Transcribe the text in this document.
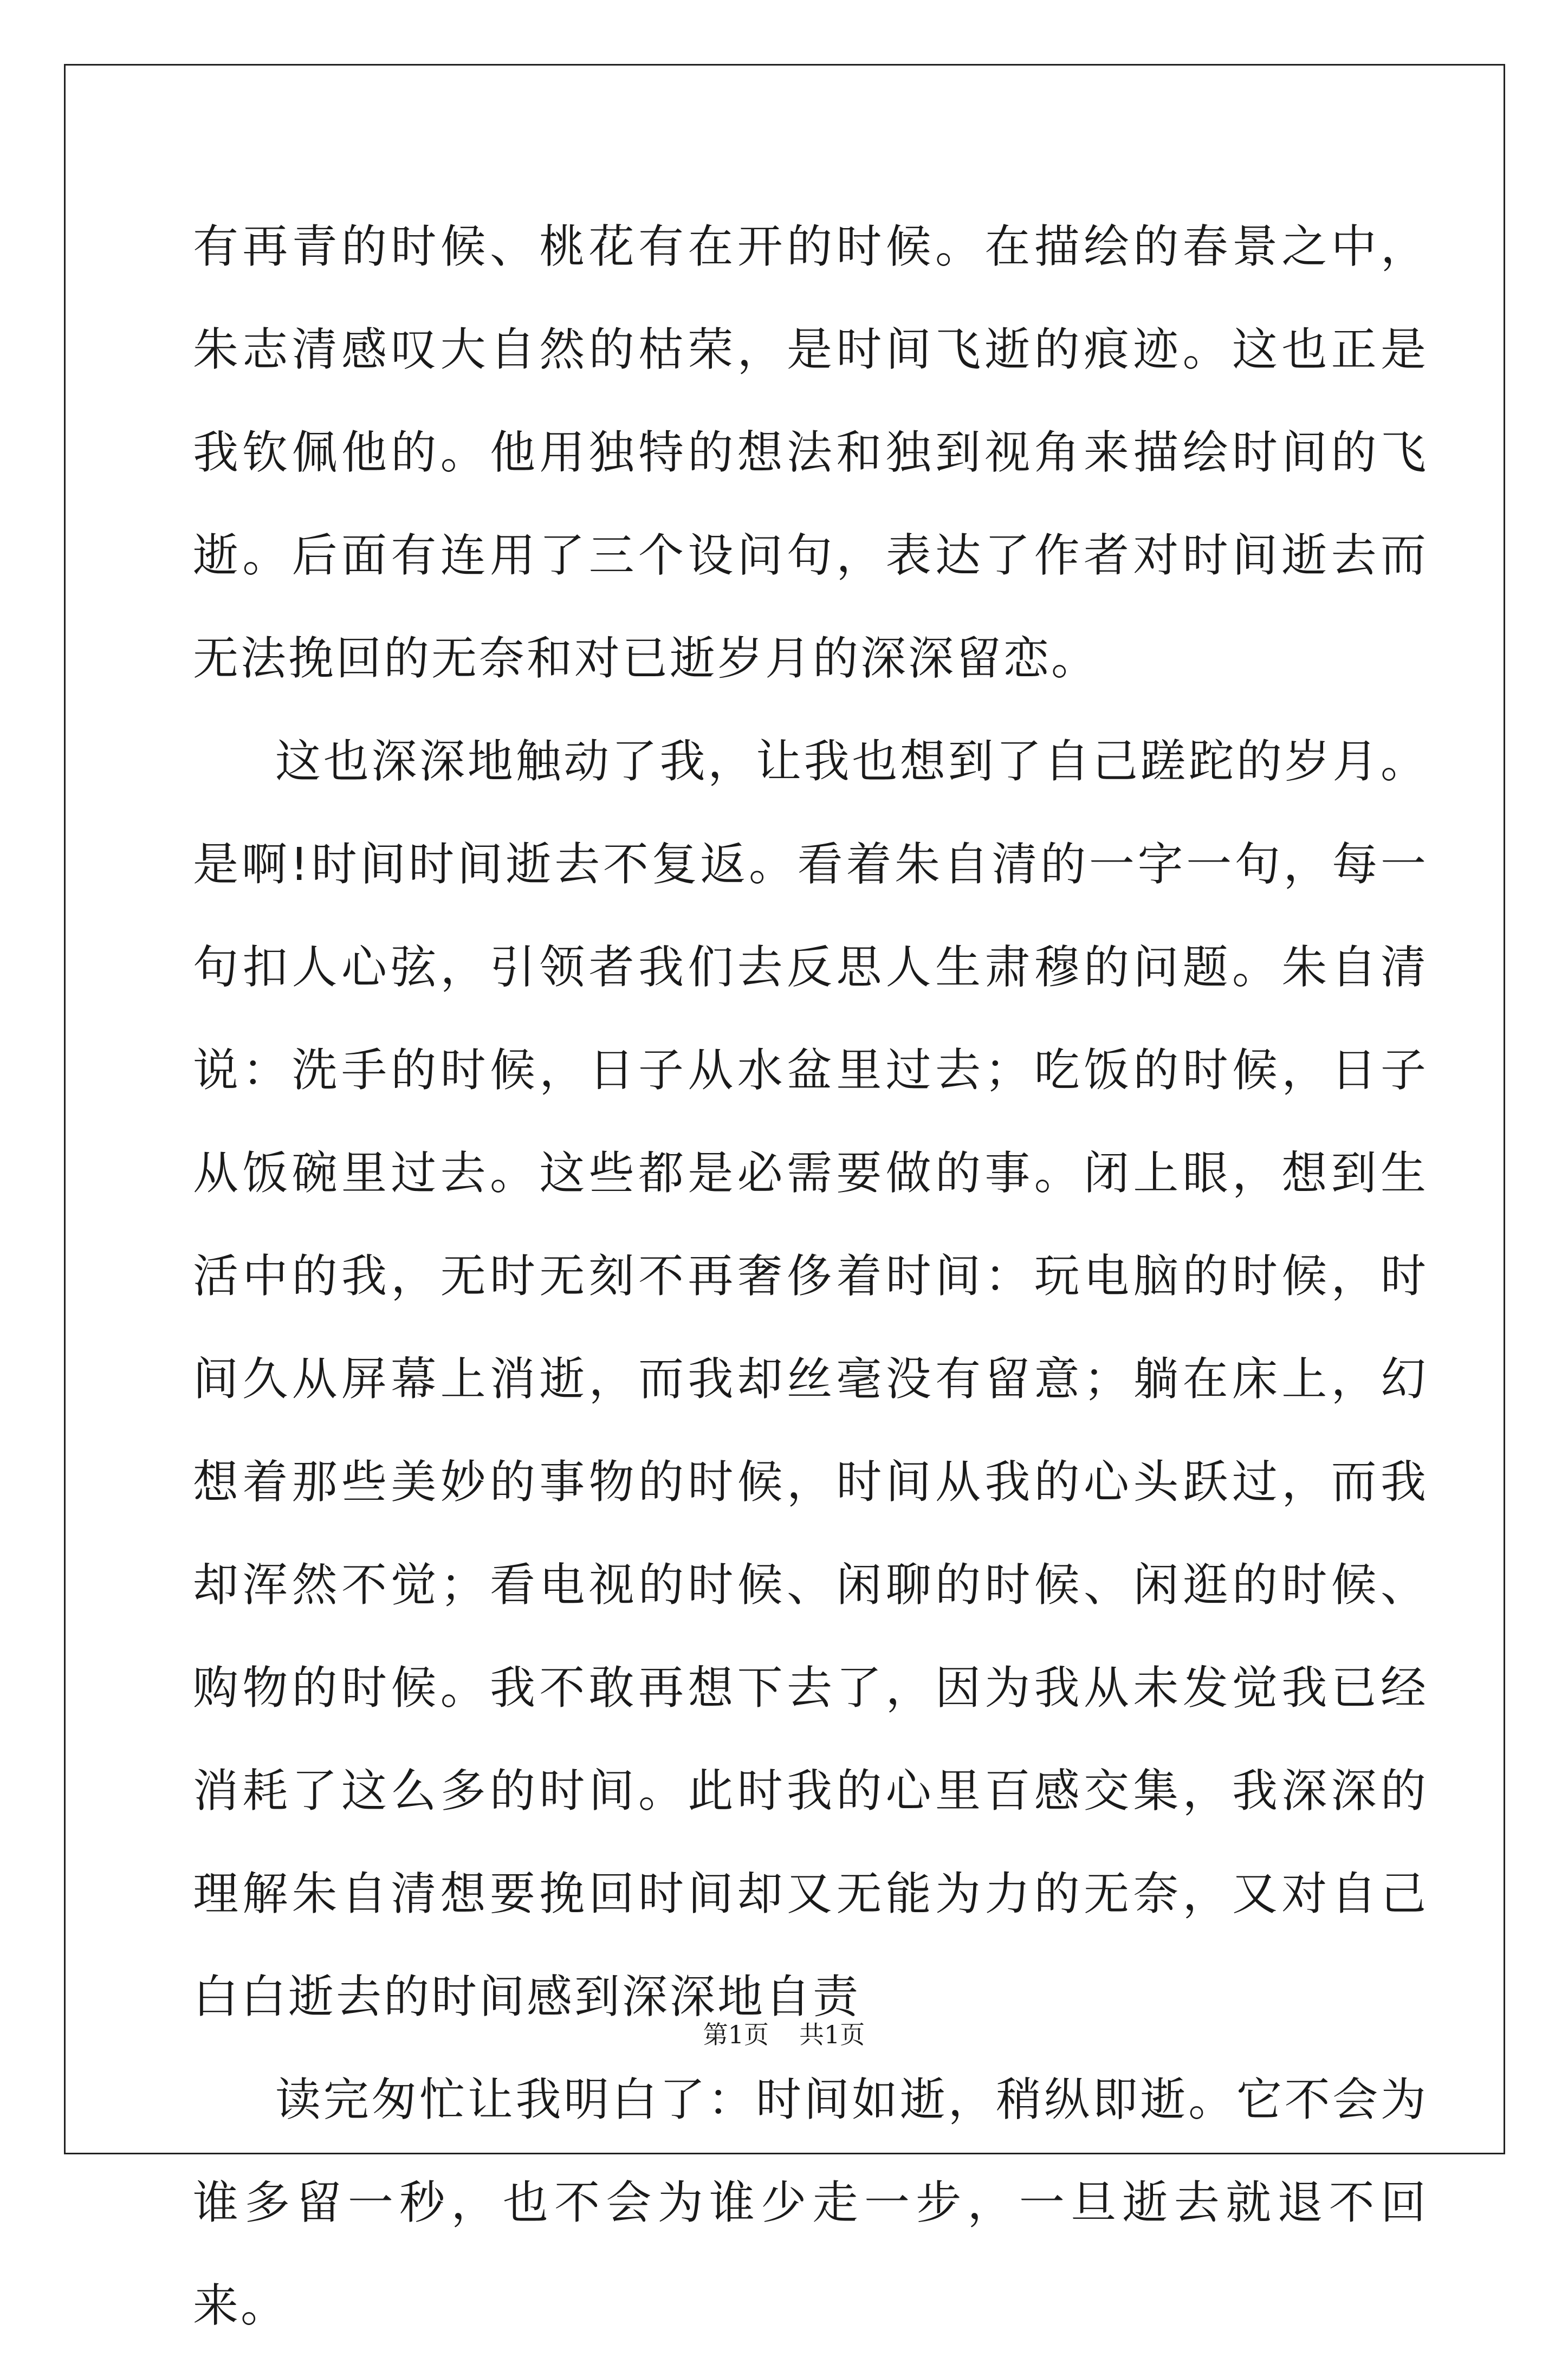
有再青的时候、桃花有在开的时候。在描绘的春景之中，朱志清感叹大自然的枯荣，是时间飞逝的痕迹。这也正是我钦佩他的。他用独特的想法和独到视角来描绘时间的飞逝。后面有连用了三个设问句，表达了作者对时间逝去而无法挽回的无奈和对已逝岁月的深深留恋。

这也深深地触动了我，让我也想到了自己蹉跎的岁月。是啊!时间时间逝去不复返。看着朱自清的一字一句，每一句扣人心弦，引领者我们去反思人生肃穆的问题。朱自清说：洗手的时候，日子从水盆里过去；吃饭的时候，日子从饭碗里过去。这些都是必需要做的事。闭上眼，想到生活中的我，无时无刻不再奢侈着时间：玩电脑的时候，时间久从屏幕上消逝，而我却丝毫没有留意；躺在床上，幻想着那些美妙的事物的时候，时间从我的心头跃过，而我却浑然不觉；看电视的时候、闲聊的时候、闲逛的时候、购物的时候。我不敢再想下去了，因为我从未发觉我已经消耗了这么多的时间。此时我的心里百感交集，我深深的理解朱自清想要挽回时间却又无能为力的无奈，又对自己白白逝去的时间感到深深地自责

读完匆忙让我明白了：时间如逝，稍纵即逝。它不会为谁多留一秒，也不会为谁少走一步，一旦逝去就退不回来。

第1页 共1页
